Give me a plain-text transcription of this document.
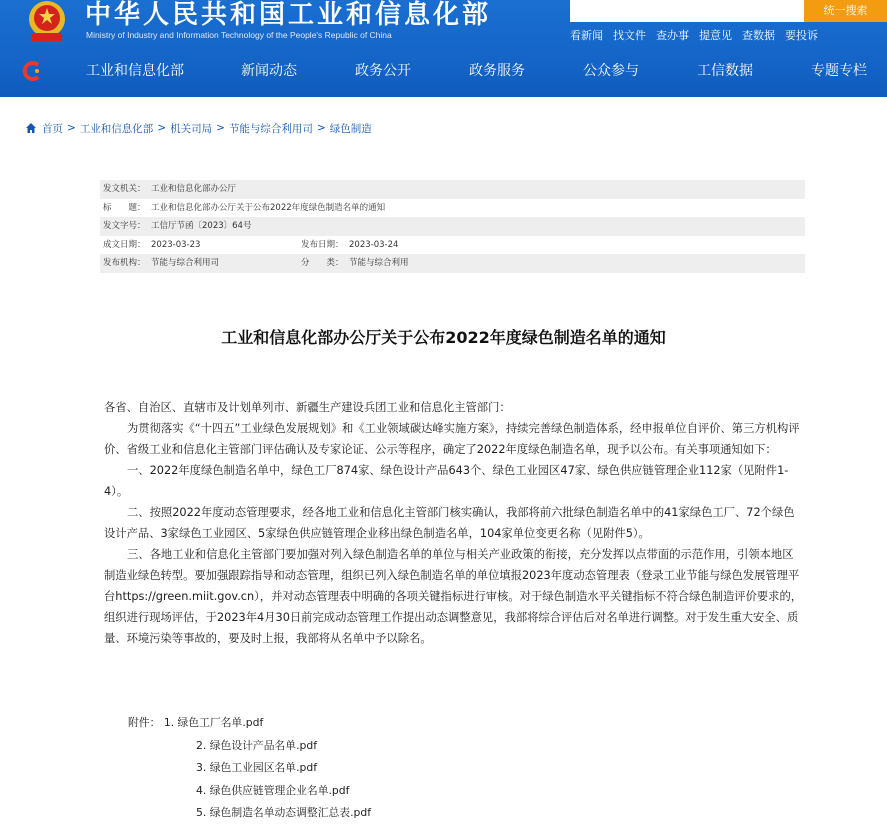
中华人民共和国工业和信息化部
Ministry of Industry and Information Technology of the People's Republic of China
统一搜索
看新闻 找文件 查办事 提意见 查数据 要投诉
工业和信息化部	新闻动态	政务公开	政务服务	公众参与	工信数据	专题专栏
首页 > 工业和信息化部 > 机关司局 > 节能与综合利用司 > 绿色制造
发文机关： 工业和信息化部办公厅
标　　题： 工业和信息化部办公厅关于公布2022年度绿色制造名单的通知
发文字号： 工信厅节函〔2023〕64号
成文日期： 2023-03-23	发布日期： 2023-03-24
发布机构： 节能与综合利用司	分　　类： 节能与综合利用
工业和信息化部办公厅关于公布2022年度绿色制造名单的通知

各省、自治区、直辖市及计划单列市、新疆生产建设兵团工业和信息化主管部门：

为贯彻落实《“十四五”工业绿色发展规划》和《工业领域碳达峰实施方案》，持续完善绿色制造体系，经申报单位自评价、第三方机构评价、省级工业和信息化主管部门评估确认及专家论证、公示等程序，确定了2022年度绿色制造名单，现予以公布。有关事项通知如下：

一、2022年度绿色制造名单中，绿色工厂874家、绿色设计产品643个、绿色工业园区47家、绿色供应链管理企业112家（见附件1-4）。

二、按照2022年度动态管理要求，经各地工业和信息化主管部门核实确认，我部将前六批绿色制造名单中的41家绿色工厂、72个绿色设计产品、3家绿色工业园区、5家绿色供应链管理企业移出绿色制造名单，104家单位变更名称（见附件5）。

三、各地工业和信息化主管部门要加强对列入绿色制造名单的单位与相关产业政策的衔接，充分发挥以点带面的示范作用，引领本地区制造业绿色转型。要加强跟踪指导和动态管理，组织已列入绿色制造名单的单位填报2023年度动态管理表（登录工业节能与绿色发展管理平台https://green.miit.gov.cn），并对动态管理表中明确的各项关键指标进行审核。对于绿色制造水平关键指标不符合绿色制造评价要求的，组织进行现场评估，于2023年4月30日前完成动态管理工作提出动态调整意见，我部将综合评估后对名单进行调整。对于发生重大安全、质量、环境污染等事故的，要及时上报，我部将从名单中予以除名。

附件： 1. 绿色工厂名单.pdf
2. 绿色设计产品名单.pdf
3. 绿色工业园区名单.pdf
4. 绿色供应链管理企业名单.pdf
5. 绿色制造名单动态调整汇总表.pdf
